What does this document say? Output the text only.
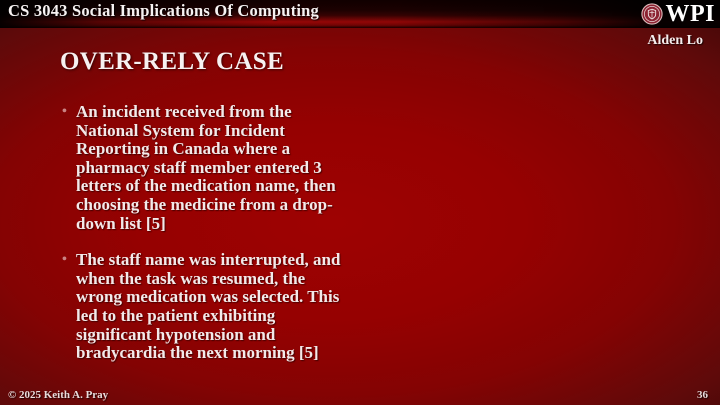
CS 3043 Social Implications Of Computing	WPI
Alden Lo
OVER-RELY CASE
• An incident received from the National System for Incident Reporting in Canada where a pharmacy staff member entered 3 letters of the medication name, then choosing the medicine from a drop-down list [5]
• The staff name was interrupted, and when the task was resumed, the wrong medication was selected. This led to the patient exhibiting significant hypotension and bradycardia the next morning [5]
© 2025 Keith A. Pray	36
